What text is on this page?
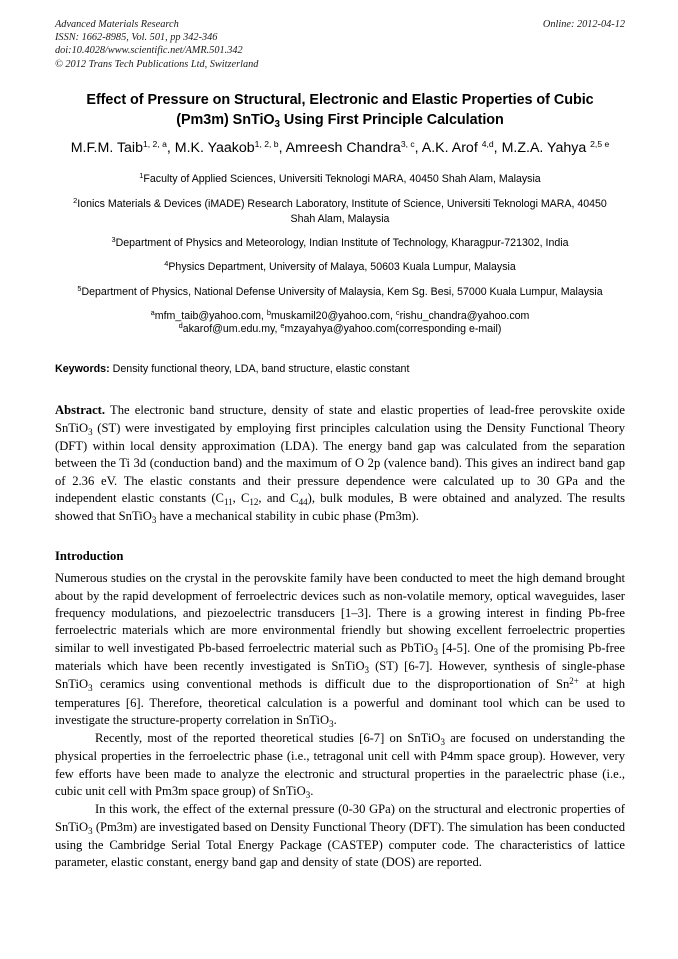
Advanced Materials Research
ISSN: 1662-8985, Vol. 501, pp 342-346
doi:10.4028/www.scientific.net/AMR.501.342
© 2012 Trans Tech Publications Ltd, Switzerland
Online: 2012-04-12
Effect of Pressure on Structural, Electronic and Elastic Properties of Cubic (Pm3m) SnTiO$_3$ Using First Principle Calculation
M.F.M. Taib$^{1, 2, a}$, M.K. Yaakob$^{1, 2, b}$, Amreesh Chandra$^{3, c}$, A.K. Arof $^{4,d}$, M.Z.A. Yahya $^{2,5 e}$
$^1$Faculty of Applied Sciences, Universiti Teknologi MARA, 40450 Shah Alam, Malaysia
$^2$Ionics Materials & Devices (iMADE) Research Laboratory, Institute of Science, Universiti Teknologi MARA, 40450 Shah Alam, Malaysia
$^3$Department of Physics and Meteorology, Indian Institute of Technology, Kharagpur-721302, India
$^4$Physics Department, University of Malaya, 50603 Kuala Lumpur, Malaysia
$^5$Department of Physics, National Defense University of Malaysia, Kem Sg. Besi, 57000 Kuala Lumpur, Malaysia
$^a$mfm_taib@yahoo.com, $^b$muskamil20@yahoo.com, $^c$rishu_chandra@yahoo.com
$^d$akarof@um.edu.my, $^e$mzayahya@yahoo.com(corresponding e-mail)
Keywords: Density functional theory, LDA, band structure, elastic constant
Abstract. The electronic band structure, density of state and elastic properties of lead-free perovskite oxide SnTiO$_3$ (ST) were investigated by employing first principles calculation using the Density Functional Theory (DFT) within local density approximation (LDA). The energy band gap was calculated from the separation between the Ti 3d (conduction band) and the maximum of O 2p (valence band). This gives an indirect band gap of 2.36 eV. The elastic constants and their pressure dependence were calculated up to 30 GPa and the independent elastic constants ($C_{11}$, $C_{12}$, and $C_{44}$), bulk modules, B were obtained and analyzed. The results showed that SnTiO$_3$ have a mechanical stability in cubic phase (Pm3m).
Introduction

Numerous studies on the crystal in the perovskite family have been conducted to meet the high demand brought about by the rapid development of ferroelectric devices such as non-volatile memory, optical waveguides, laser frequency modulations, and piezoelectric transducers [1–3]. There is a growing interest in finding Pb-free ferroelectric materials which are more environmental friendly but showing excellent ferroelectric properties similar to well investigated Pb-based ferroelectric material such as PbTiO$_3$ [4-5]. One of the promising Pb-free materials which have been recently investigated is SnTiO$_3$ (ST) [6-7]. However, synthesis of single-phase SnTiO$_3$ ceramics using conventional methods is difficult due to the disproportionation of $Sn^{2+}$ at high temperatures [6]. Therefore, theoretical calculation is a powerful and dominant tool which can be used to investigate the structure-property correlation in SnTiO$_3$.

Recently, most of the reported theoretical studies [6-7] on SnTiO$_3$ are focused on understanding the physical properties in the ferroelectric phase (i.e., tetragonal unit cell with P4mm space group). However, very few efforts have been made to analyze the electronic and structural properties in the paraelectric phase (i.e., cubic unit cell with Pm3m space group) of SnTiO$_3$.

In this work, the effect of the external pressure (0-30 GPa) on the structural and electronic properties of SnTiO$_3$ (Pm3m) are investigated based on Density Functional Theory (DFT). The simulation has been conducted using the Cambridge Serial Total Energy Package (CASTEP) computer code. The characteristics of lattice parameter, elastic constant, energy band gap and density of state (DOS) are reported.
